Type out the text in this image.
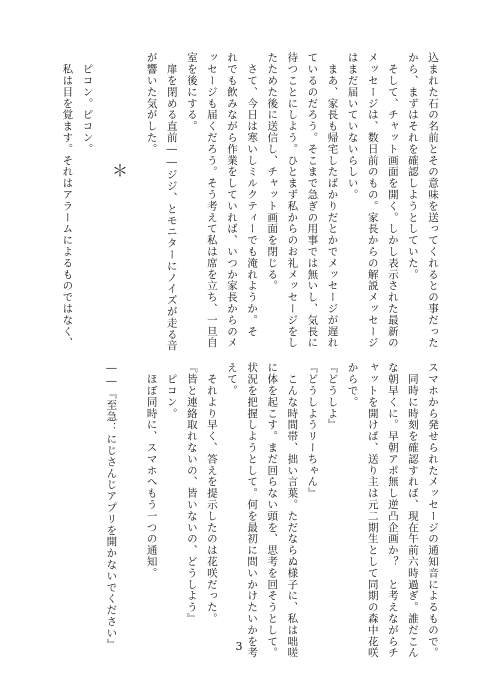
込まれた石の名前とその意味を送ってくれるとの事だった

から、まずはそれを確認しようとしていた。

　そして、チャット画面を開く。しかし表示された最新の

メッセージは、数日前のもの。家長からの解説メッセージ

はまだ届いていないらしい。

　まあ、家長も帰宅したばかりだとかでメッセージが遅れ

ているのだろう。そこまで急ぎの用事では無いし、気長に

待つことにしよう。ひとまず私からのお礼メッセージをし

たためた後に送信し、チャット画面を閉じる。

　さて、今日は寒いしミルクティーでも淹れようか。そ

れでも飲みながら作業をしていれば、いつか家長からのメ

ッセージも届くだろう。そう考えて私は席を立ち、一旦自

室を後にする。

　扉を閉める直前――ジジ、とモニターにノイズが走る音

が響いた気がした。

　ピコン。ピコン。

　私は目を覚ます。それはアラームによるものではなく、

スマホから発せられたメッセージの通知音によるもので。

　同時に時刻を確認すれば、現在午前六時過ぎ。誰だこん

な朝早くに。早朝アポ無し逆凸企画か？　と考えながらチ

ャットを開けば、送り主は元二期生として同期の森中花咲

からで。

『どうしよ』

『どうしようリーちゃん』

　こんな時間帯、拙い言葉。ただならぬ様子に、私は咄嗟

に体を起こす。まだ回らない頭を、思考を回そうとして。

状況を把握しようとして。何を最初に問いかけたいかを考

えて。

　それより早く、答えを提示したのは花咲だった。

『皆と連絡取れないの、皆いないの、どうしよう』

　ピコン。

　ほぼ同時に、スマホへもう一つの通知。

――『至急：にじさんじアプリを開かないでください』

＊
3
